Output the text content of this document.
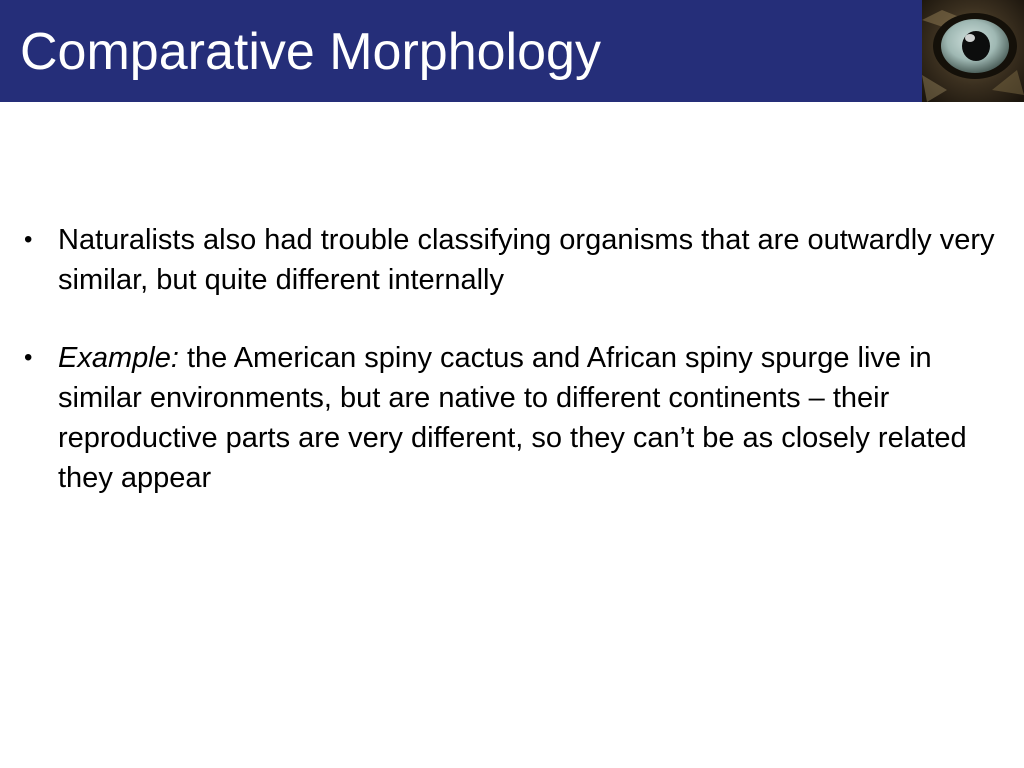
Comparative Morphology
• Naturalists also had trouble classifying organisms that are outwardly very similar, but quite different internally
• Example: the American spiny cactus and African spiny spurge live in similar environments, but are native to different continents – their reproductive parts are very different, so they can’t be as closely related they appear
